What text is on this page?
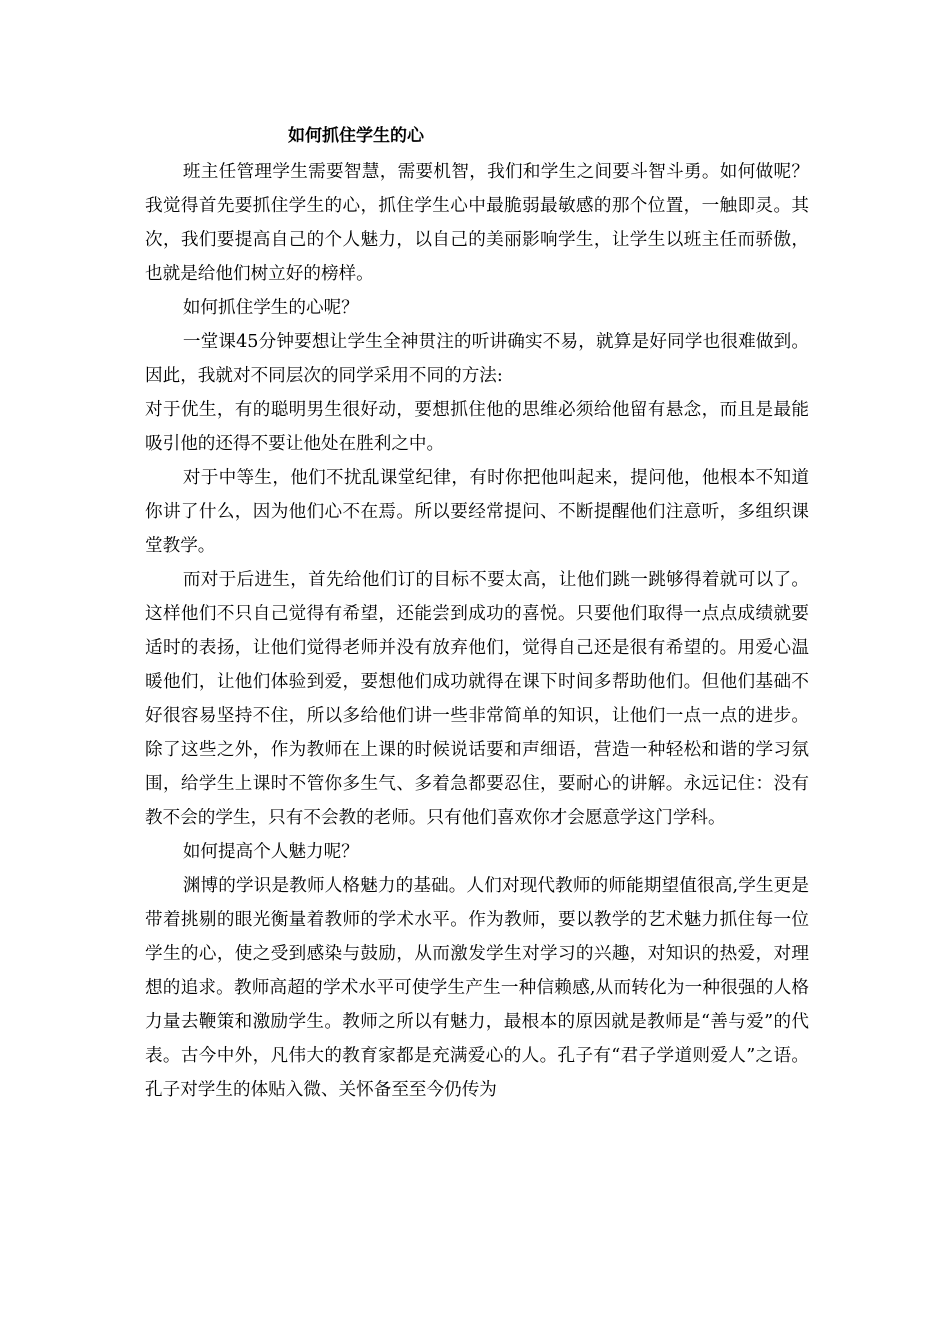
如何抓住学生的心

班主任管理学生需要智慧，需要机智，我们和学生之间要斗智斗勇。如何做呢？我觉得首先要抓住学生的心，抓住学生心中最脆弱最敏感的那个位置，一触即灵。其次，我们要提高自己的个人魅力，以自己的美丽影响学生，让学生以班主任而骄傲，也就是给他们树立好的榜样。

如何抓住学生的心呢？

一堂课45分钟要想让学生全神贯注的听讲确实不易，就算是好同学也很难做到。因此，我就对不同层次的同学采用不同的方法:

对于优生，有的聪明男生很好动，要想抓住他的思维必须给他留有悬念，而且是最能吸引他的还得不要让他处在胜利之中。

对于中等生，他们不扰乱课堂纪律，有时你把他叫起来，提问他，他根本不知道你讲了什么，因为他们心不在焉。所以要经常提问、不断提醒他们注意听，多组织课堂教学。

而对于后进生，首先给他们订的目标不要太高，让他们跳一跳够得着就可以了。这样他们不只自己觉得有希望，还能尝到成功的喜悦。只要他们取得一点点成绩就要适时的表扬，让他们觉得老师并没有放弃他们，觉得自己还是很有希望的。用爱心温暖他们，让他们体验到爱，要想他们成功就得在课下时间多帮助他们。但他们基础不好很容易坚持不住，所以多给他们讲一些非常简单的知识，让他们一点一点的进步。除了这些之外，作为教师在上课的时候说话要和声细语，营造一种轻松和谐的学习氛围，给学生上课时不管你多生气、多着急都要忍住，要耐心的讲解。永远记住：没有教不会的学生，只有不会教的老师。只有他们喜欢你才会愿意学这门学科。

如何提高个人魅力呢？

渊博的学识是教师人格魅力的基础。人们对现代教师的师能期望值很高,学生更是带着挑剔的眼光衡量着教师的学术水平。作为教师，要以教学的艺术魅力抓住每一位学生的心，使之受到感染与鼓励，从而激发学生对学习的兴趣，对知识的热爱，对理想的追求。教师高超的学术水平可使学生产生一种信赖感,从而转化为一种很强的人格力量去鞭策和激励学生。教师之所以有魅力，最根本的原因就是教师是“善与爱”的代表。古今中外，凡伟大的教育家都是充满爱心的人。孔子有“君子学道则爱人”之语。孔子对学生的体贴入微、关怀备至至今仍传为
